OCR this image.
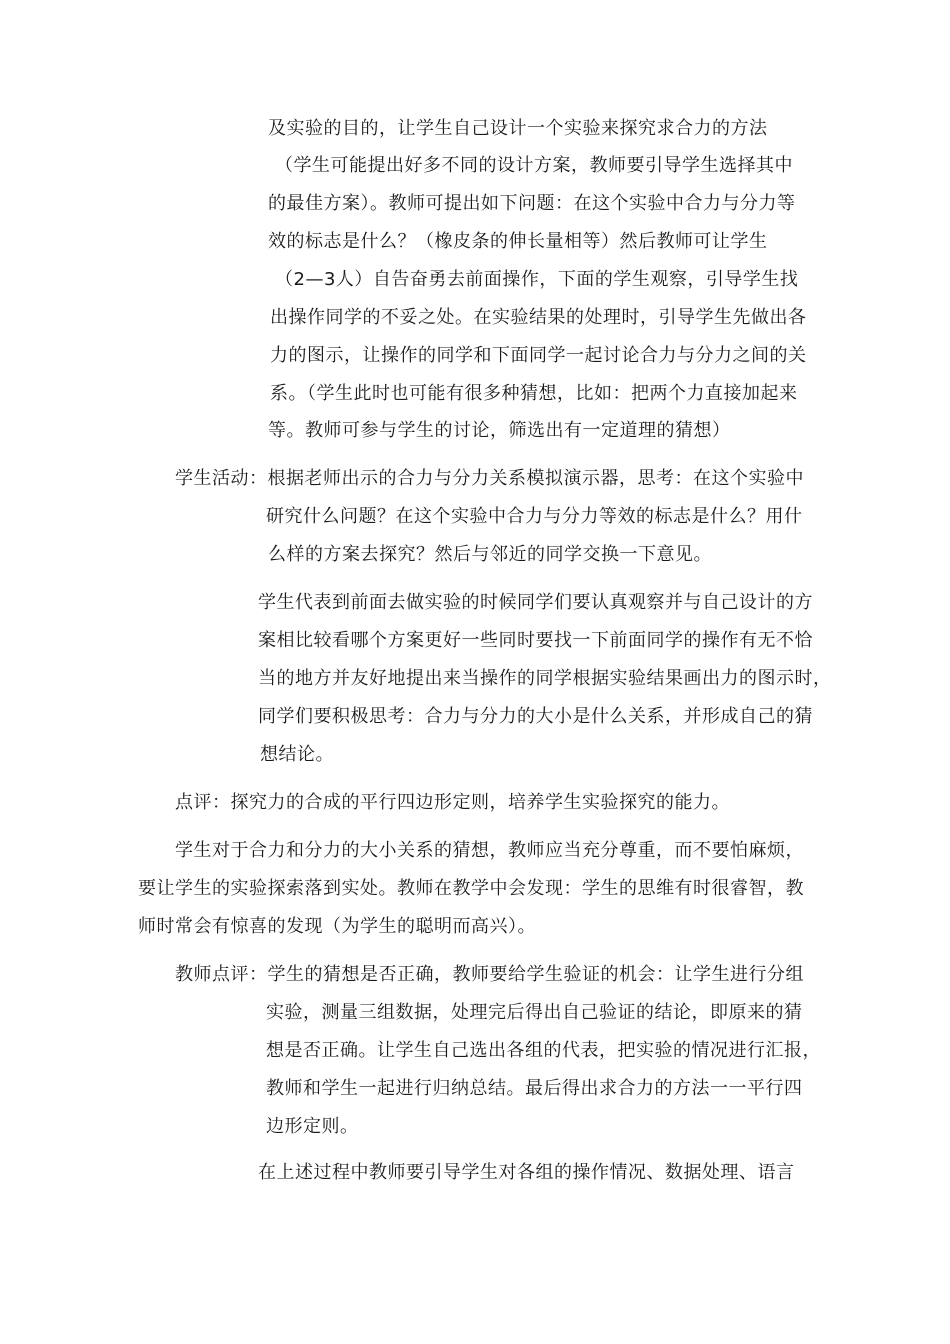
及实验的目的，让学生自己设计一个实验来探究求合力的方法
（学生可能提出好多不同的设计方案，教师要引导学生选择其中
的最佳方案）。教师可提出如下问题：在这个实验中合力与分力等
效的标志是什么？（橡皮条的伸长量相等）然后教师可让学生
（2—3人）自告奋勇去前面操作，下面的学生观察，引导学生找
出操作同学的不妥之处。在实验结果的处理时，引导学生先做出各
力的图示，让操作的同学和下面同学一起讨论合力与分力之间的关
系。（学生此时也可能有很多种猜想，比如：把两个力直接加起来
等。教师可参与学生的讨论，筛选出有一定道理的猜想）
学生活动：根据老师出示的合力与分力关系模拟演示器，思考：在这个实验中
研究什么问题？在这个实验中合力与分力等效的标志是什么？用什
么样的方案去探究？然后与邻近的同学交换一下意见。
学生代表到前面去做实验的时候同学们要认真观察并与自己设计的方
案相比较看哪个方案更好一些同时要找一下前面同学的操作有无不恰
当的地方并友好地提出来当操作的同学根据实验结果画出力的图示时，
同学们要积极思考：合力与分力的大小是什么关系，并形成自己的猜
想结论。
点评：探究力的合成的平行四边形定则，培养学生实验探究的能力。
学生对于合力和分力的大小关系的猜想，教师应当充分尊重，而不要怕麻烦，
要让学生的实验探索落到实处。教师在教学中会发现：学生的思维有时很睿智，教
师时常会有惊喜的发现（为学生的聪明而高兴）。
教师点评：学生的猜想是否正确，教师要给学生验证的机会：让学生进行分组
实验，测量三组数据，处理完后得出自己验证的结论，即原来的猜
想是否正确。让学生自己选出各组的代表，把实验的情况进行汇报，
教师和学生一起进行归纳总结。最后得出求合力的方法一一平行四
边形定则。
在上述过程中教师要引导学生对各组的操作情况、数据处理、语言
